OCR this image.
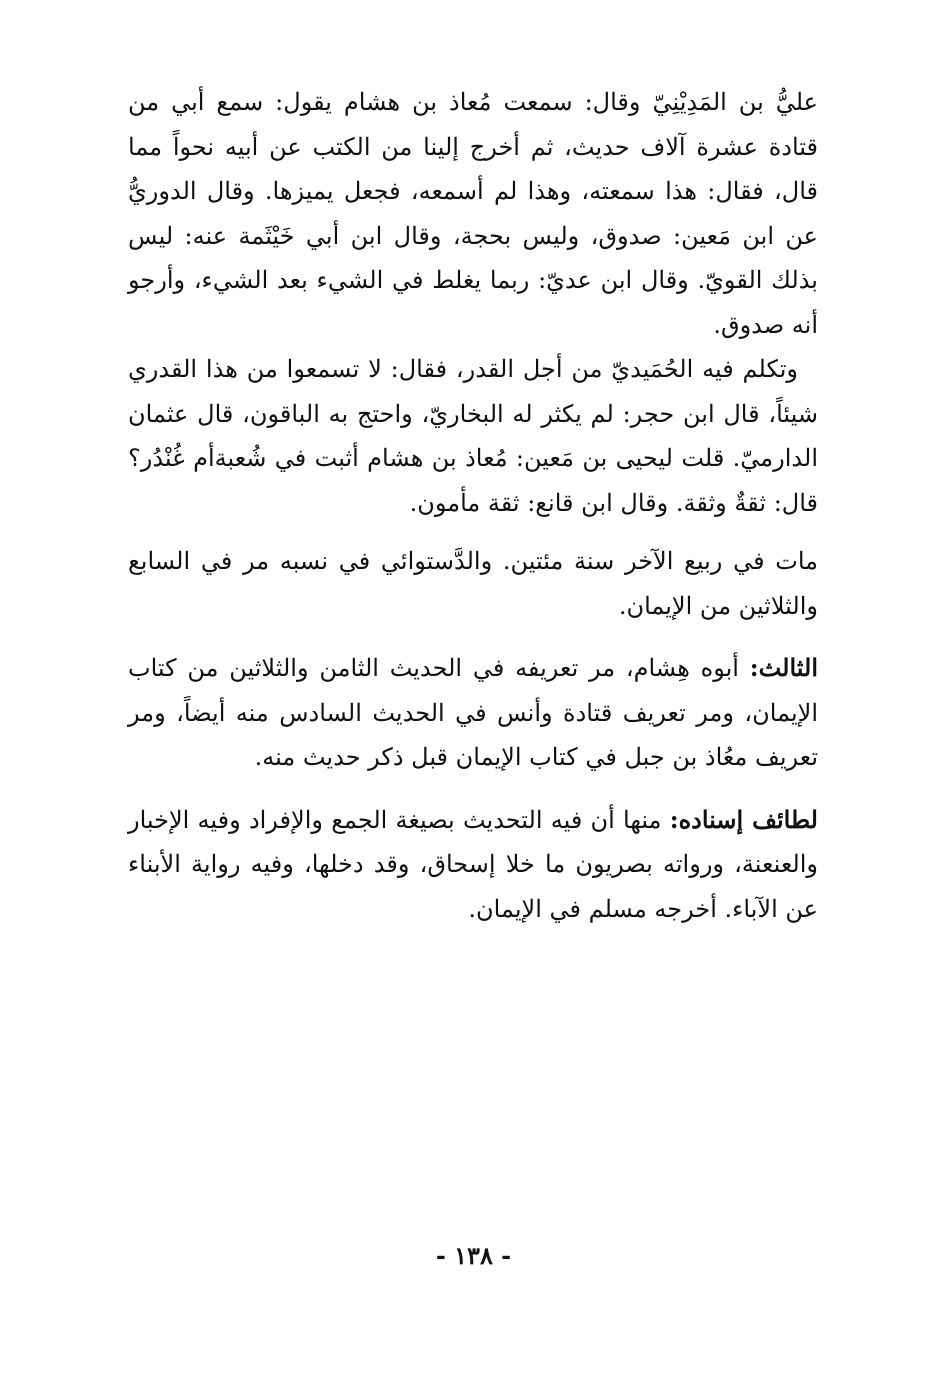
عليُّ بن المَدِيْنِيّ وقال: سمعت مُعاذ بن هشام يقول: سمع أبي من قتادة عشرة آلاف حديث، ثم أخرج إلينا من الكتب عن أبيه نحواً مما قال، فقال: هذا سمعته، وهذا لم أسمعه، فجعل يميزها. وقال الدوريُّ عن ابن مَعين: صدوق، وليس بحجة، وقال ابن أبي خَيْثَمة عنه: ليس بذلك القويّ. وقال ابن عديّ: ربما يغلط في الشيء بعد الشيء، وأرجو أنه صدوق.

وتكلم فيه الحُمَيديّ من أجل القدر، فقال: لا تسمعوا من هذا القدري شيئاً، قال ابن حجر: لم يكثر له البخاريّ، واحتج به الباقون، قال عثمان الدارميّ. قلت ليحيى بن مَعين: مُعاذ بن هشام أثبت في شُعبةأم غُنْدُر؟ قال: ثقةٌ وثقة. وقال ابن قانع: ثقة مأمون.

مات في ربيع الآخر سنة مئتين. والدَّستوائي في نسبه مر في السابع والثلاثين من الإيمان.

الثالث: أبوه هِشام، مر تعريفه في الحديث الثامن والثلاثين من كتاب الإيمان، ومر تعريف قتادة وأنس في الحديث السادس منه أيضاً، ومر تعريف معُاذ بن جبل في كتاب الإيمان قبل ذكر حديث منه.

لطائف إسناده: منها أن فيه التحديث بصيغة الجمع والإفراد وفيه الإخبار والعنعنة، ورواته بصريون ما خلا إسحاق، وقد دخلها، وفيه رواية الأبناء عن الآباء. أخرجه مسلم في الإيمان.

- ١٣٨ -
